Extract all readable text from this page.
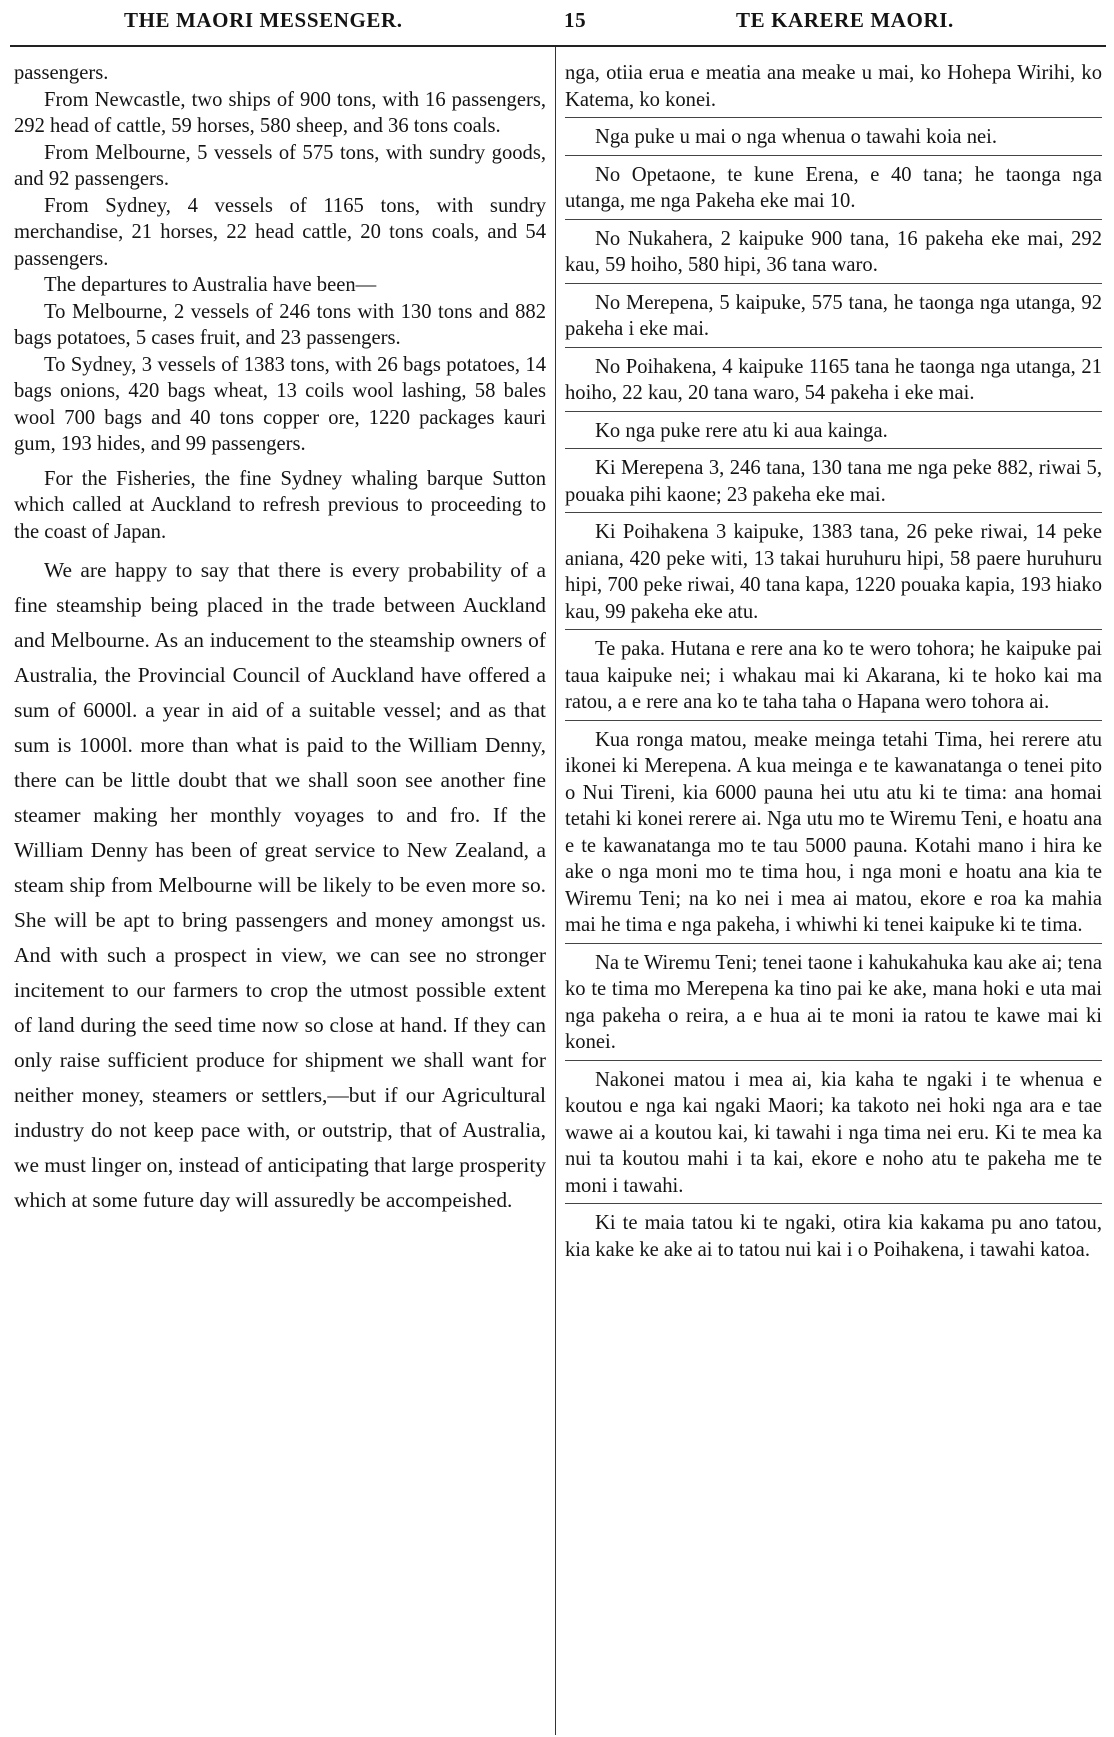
THE MAORI MESSENGER.	15	TE KARERE MAORI.

passengers.

From Newcastle, two ships of 900 tons, with 16 passengers, 292 head of cattle, 59 horses, 580 sheep, and 36 tons coals.

From Melbourne, 5 vessels of 575 tons, with sundry goods, and 92 passengers.

From Sydney, 4 vessels of 1165 tons, with sundry merchandise, 21 horses, 22 head cattle, 20 tons coals, and 54 passengers.

The departures to Australia have been—

To Melbourne, 2 vessels of 246 tons with 130 tons and 882 bags potatoes, 5 cases fruit, and 23 passengers.

To Sydney, 3 vessels of 1383 tons, with 26 bags potatoes, 14 bags onions, 420 bags wheat, 13 coils wool lashing, 58 bales wool 700 bags and 40 tons copper ore, 1220 packages kauri gum, 193 hides, and 99 passengers.

For the Fisheries, the fine Sydney whaling barque Sutton which called at Auckland to refresh previous to proceeding to the coast of Japan.

We are happy to say that there is every probability of a fine steamship being placed in the trade between Auckland and Melbourne. As an inducement to the steamship owners of Australia, the Provincial Council of Auckland have offered a sum of 6000l. a year in aid of a suitable vessel; and as that sum is 1000l. more than what is paid to the William Denny, there can be little doubt that we shall soon see another fine steamer making her monthly voyages to and fro. If the William Denny has been of great service to New Zealand, a steam ship from Melbourne will be likely to be even more so. She will be apt to bring passengers and money amongst us. And with such a prospect in view, we can see no stronger incitement to our farmers to crop the utmost possible extent of land during the seed time now so close at hand. If they can only raise sufficient produce for shipment we shall want for neither money, steamers or settlers,—but if our Agricultural industry do not keep pace with, or outstrip, that of Australia, we must linger on, instead of anticipating that large prosperity which at some future day will assuredly be accompeished.

nga, otiia erua e meatia ana meake u mai, ko Hohepa Wirihi, ko Katema, ko konei.

Nga puke u mai o nga whenua o tawahi koia nei.

No Opetaone, te kune Erena, e 40 tana; he taonga nga utanga, me nga Pakeha eke mai 10.

No Nukahera, 2 kaipuke 900 tana, 16 pakeha eke mai, 292 kau, 59 hoiho, 580 hipi, 36 tana waro.

No Merepena, 5 kaipuke, 575 tana, he taonga nga utanga, 92 pakeha i eke mai.

No Poihakena, 4 kaipuke 1165 tana he taonga nga utanga, 21 hoiho, 22 kau, 20 tana waro, 54 pakeha i eke mai.

Ko nga puke rere atu ki aua kainga.

Ki Merepena 3, 246 tana, 130 tana me nga peke 882, riwai 5, pouaka pihi kaone; 23 pakeha eke mai.

Ki Poihakena 3 kaipuke, 1383 tana, 26 peke riwai, 14 peke aniana, 420 peke witi, 13 takai huruhuru hipi, 58 paere huruhuru hipi, 700 peke riwai, 40 tana kapa, 1220 pouaka kapia, 193 hiako kau, 99 pakeha eke atu.

Te paka. Hutana e rere ana ko te wero tohora; he kaipuke pai taua kaipuke nei; i whakau mai ki Akarana, ki te hoko kai ma ratou, a e rere ana ko te taha taha o Hapana wero tohora ai.

Kua ronga matou, meake meinga tetahi Tima, hei rerere atu ikonei ki Merepena. A kua meinga e te kawanatanga o tenei pito o Nui Tireni, kia 6000 pauna hei utu atu ki te tima: ana homai tetahi ki konei rerere ai. Nga utu mo te Wiremu Teni, e hoatu ana e te kawanatanga mo te tau 5000 pauna. Kotahi mano i hira ke ake o nga moni mo te tima hou, i nga moni e hoatu ana kia te Wiremu Teni; na ko nei i mea ai matou, ekore e roa ka mahia mai he tima e nga pakeha, i whiwhi ki tenei kaipuke ki te tima.

Na te Wiremu Teni; tenei taone i kahukahuka kau ake ai; tena ko te tima mo Merepena ka tino pai ke ake, mana hoki e uta mai nga pakeha o reira, a e hua ai te moni ia ratou te kawe mai ki konei.

Nakonei matou i mea ai, kia kaha te ngaki i te whenua e koutou e nga kai ngaki Maori; ka takoto nei hoki nga ara e tae wawe ai a koutou kai, ki tawahi i nga tima nei eru. Ki te mea ka nui ta koutou mahi i ta kai, ekore e noho atu te pakeha me te moni i tawahi.

Ki te maia tatou ki te ngaki, otira kia kakama pu ano tatou, kia kake ke ake ai to tatou nui kai i o Poihakena, i tawahi katoa.
